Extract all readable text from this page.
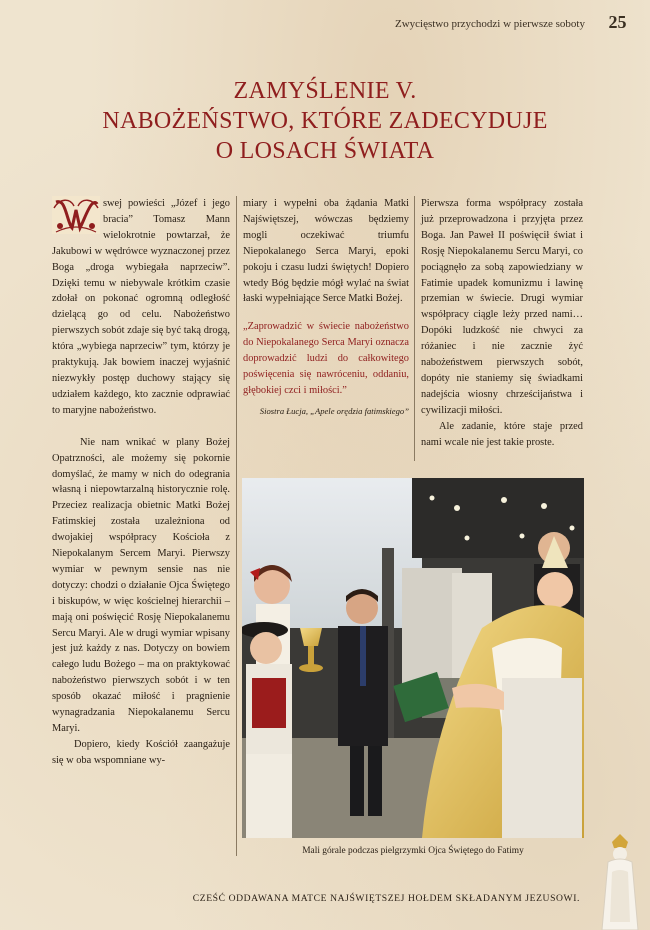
Zwycięstwo przychodzi w pierwsze soboty	25
ZAMYŚLENIE V.
NABOŻEŃSTWO, KTÓRE ZADECYDUJE
O LOSACH ŚWIATA

swej powieści „Józef i jego bracia” Tomasz Mann wielokrotnie powtarzał, że Jakubowi w wędrówce wyznaczonej przez Boga „droga wybiegała naprzeciw”. Dzięki temu w niebywale krótkim czasie zdołał on pokonać ogromną odległość dzielącą go od celu. Nabożeństwo pierwszych sobót zdaje się być taką drogą, która „wybiega naprzeciw” tym, którzy je praktykują. Jak bowiem inaczej wyjaśnić niezwykły postęp duchowy stający się udziałem każdego, kto zacznie odprawiać to maryjne nabożeństwo.

Nie nam wnikać w plany Bożej Opatrzności, ale możemy się pokornie domyślać, że mamy w nich do odegrania własną i niepowtarzalną historycznie rolę. Przeciez realizacja obietnic Matki Bożej Fatimskiej została uzależniona od dwojakiej współpracy Kościoła z Niepokalanym Sercem Maryi. Pierwszy wymiar w pewnym sensie nas nie dotyczy: chodzi o działanie Ojca Świętego i biskupów, w więc kościelnej hierarchii – mają oni poświęcić Rosję Niepokalanemu Sercu Maryi. Ale w drugi wymiar wpisany jest już każdy z nas. Dotyczy on bowiem całego ludu Bożego – ma on praktykować nabożeństwo pierwszych sobót i w ten sposób okazać miłość i pragnienie wynagradzania Niepokalanemu Sercu Maryi.

Dopiero, kiedy Kościół zaangażuje się w oba wspomniane wy-

miary i wypełni oba żądania Matki Najświętszej, wówczas będziemy mogli oczekiwać triumfu Niepokalanego Serca Maryi, epoki pokoju i czasu ludzi świętych! Dopiero wtedy Bóg będzie mógł wylać na świat łaski wypełniające Serce Matki Bożej.

„Zaprowadzić w świecie nabożeństwo do Niepokalanego Serca Maryi oznacza doprowadzić ludzi do całkowitego poświęcenia się nawróceniu, oddaniu, głębokiej czci i miłości.”

Siostra Łucja, „Apele orędzia fatimskiego”

Pierwsza forma współpracy została już przeprowadzona i przyjęta przez Boga. Jan Paweł II poświęcił świat i Rosję Niepokalanemu Sercu Maryi, co pociągnęło za sobą zapowiedziany w Fatimie upadek komunizmu i lawinę przemian w świecie. Drugi wymiar współpracy ciągle leży przed nami… Dopóki ludzkość nie chwyci za różaniec i nie zacznie żyć nabożeństwem pierwszych sobót, dopóty nie staniemy się świadkami nadejścia wiosny chrześcijaństwa i cywilizacji miłości.

Ale zadanie, które staje przed nami wcale nie jest takie proste.

Mali górale podczas pielgrzymki Ojca Świętego do Fatimy
CZEŚĆ ODDAWANA MATCE NAJŚWIĘTSZEJ HOŁDEM SKŁADANYM JEZUSOWI.
